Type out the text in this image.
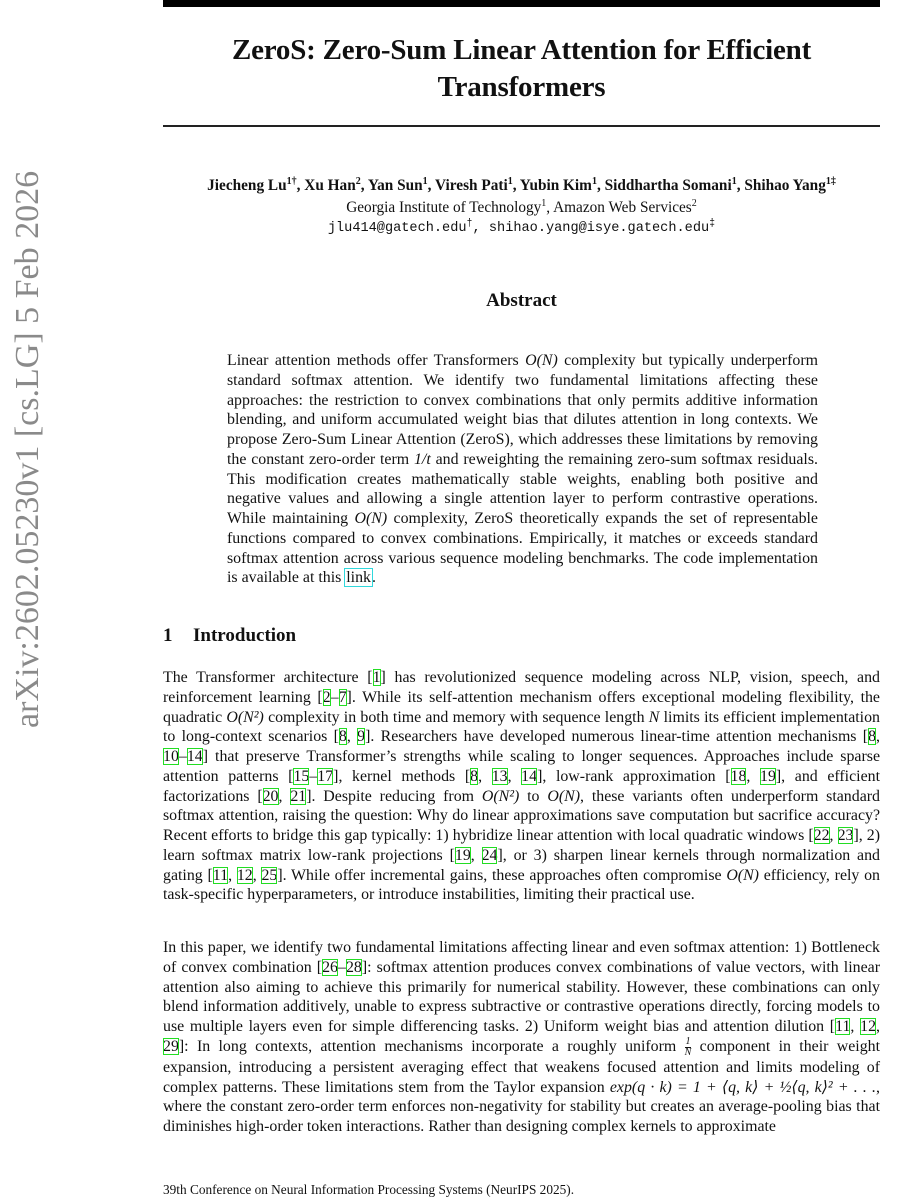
ZeroS: Zero-Sum Linear Attention for Efficient Transformers
Jiecheng $Lu^{1\dagger}$, Xu Han$^2$, Yan Sun$^1$, Viresh Pati$^1$, Yubin Kim$^1$, Siddhartha Somani$^1$, Shihao Yang$^{1\ddagger}$
Georgia Institute of Technology$^1$, Amazon Web Services$^2$
jlu414@gatech.edu†, shihao.yang@isye.gatech.edu‡
arXiv:2602.05230v1 [cs.LG] 5 Feb 2026	Abstract
Linear attention methods offer Transformers O(N) complexity but typically underperform standard softmax attention. We identify two fundamental limitations affecting these approaches: the restriction to convex combinations that only permits additive information blending, and uniform accumulated weight bias that dilutes attention in long contexts. We propose Zero-Sum Linear Attention (ZeroS), which addresses these limitations by removing the constant zero-order term 1/t and reweighting the remaining zero-sum softmax residuals. This modification creates mathematically stable weights, enabling both positive and negative values and allowing a single attention layer to perform contrastive operations. While maintaining O(N) complexity, ZeroS theoretically expands the set of representable functions compared to convex combinations. Empirically, it matches or exceeds standard softmax attention across various sequence modeling benchmarks. The code implementation is available at this link.
1 Introduction
The Transformer architecture [1] has revolutionized sequence modeling across NLP, vision, speech, and reinforcement learning [2–7]. While its self-attention mechanism offers exceptional modeling flexibility, the quadratic O(N²) complexity in both time and memory with sequence length N limits its efficient implementation to long-context scenarios [8, 9]. Researchers have developed numerous linear-time attention mechanisms [8, 10–14] that preserve Transformer’s strengths while scaling to longer sequences. Approaches include sparse attention patterns [15–17], kernel methods [8, 13, 14], low-rank approximation [18, 19], and efficient factorizations [20, 21]. Despite reducing from O(N²) to O(N), these variants often underperform standard softmax attention, raising the question: Why do linear approximations save computation but sacrifice accuracy? Recent efforts to bridge this gap typically: 1) hybridize linear attention with local quadratic windows [22, 23], 2) learn softmax matrix low-rank projections [19, 24], or 3) sharpen linear kernels through normalization and gating [11, 12, 25]. While offer incremental gains, these approaches often compromise O(N) efficiency, rely on task-specific hyperparameters, or introduce instabilities, limiting their practical use.
In this paper, we identify two fundamental limitations affecting linear and even softmax attention: 1) Bottleneck of convex combination [26–28]: softmax attention produces convex combinations of value vectors, with linear attention also aiming to achieve this primarily for numerical stability. However, these combinations can only blend information additively, unable to express subtractive or contrastive operations directly, forcing models to use multiple layers even for simple differencing tasks. 2) Uniform weight bias and attention dilution [11, 12, 29]: In long contexts, attention mechanisms incorporate a roughly uniform $\frac{1}{N}$ component in their weight expansion, introducing a persistent averaging effect that weakens focused attention and limits modeling of complex patterns. These limitations stem from the Taylor expansion exp(q · k) = 1 + ⟨q, k⟩ + ½⟨q, k⟩² + . . ., where the constant zero-order term enforces non-negativity for stability but creates an average-pooling bias that diminishes high-order token interactions. Rather than designing complex kernels to approximate
39th Conference on Neural Information Processing Systems (NeurIPS 2025).
